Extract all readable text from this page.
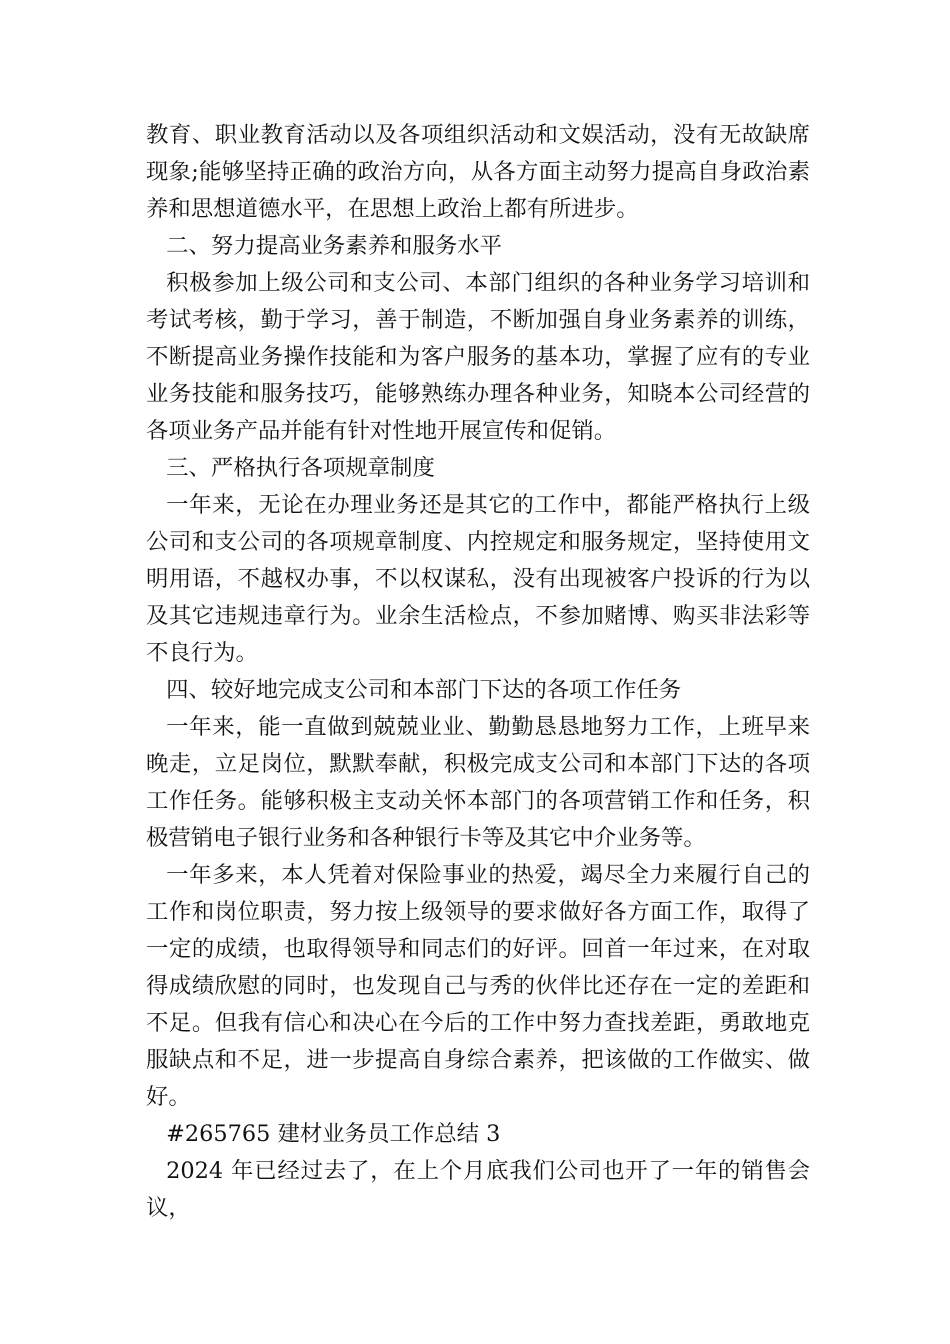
教育、职业教育活动以及各项组织活动和文娱活动，没有无故缺席现象;能够坚持正确的政治方向，从各方面主动努力提高自身政治素养和思想道德水平，在思想上政治上都有所进步。

二、努力提高业务素养和服务水平

积极参加上级公司和支公司、本部门组织的各种业务学习培训和考试考核，勤于学习，善于制造，不断加强自身业务素养的训练，不断提高业务操作技能和为客户服务的基本功，掌握了应有的专业业务技能和服务技巧，能够熟练办理各种业务，知晓本公司经营的各项业务产品并能有针对性地开展宣传和促销。

三、严格执行各项规章制度

一年来，无论在办理业务还是其它的工作中，都能严格执行上级公司和支公司的各项规章制度、内控规定和服务规定，坚持使用文明用语，不越权办事，不以权谋私，没有出现被客户投诉的行为以及其它违规违章行为。业余生活检点，不参加赌博、购买非法彩等不良行为。

四、较好地完成支公司和本部门下达的各项工作任务

一年来，能一直做到兢兢业业、勤勤恳恳地努力工作，上班早来晚走，立足岗位，默默奉献，积极完成支公司和本部门下达的各项工作任务。能够积极主支动关怀本部门的各项营销工作和任务，积极营销电子银行业务和各种银行卡等及其它中介业务等。

一年多来，本人凭着对保险事业的热爱，竭尽全力来履行自己的工作和岗位职责，努力按上级领导的要求做好各方面工作，取得了一定的成绩，也取得领导和同志们的好评。回首一年过来，在对取得成绩欣慰的同时，也发现自己与秀的伙伴比还存在一定的差距和不足。但我有信心和决心在今后的工作中努力查找差距，勇敢地克服缺点和不足，进一步提高自身综合素养，把该做的工作做实、做好。

#265765 建材业务员工作总结 3

2024 年已经过去了，在上个月底我们公司也开了一年的销售会议，
